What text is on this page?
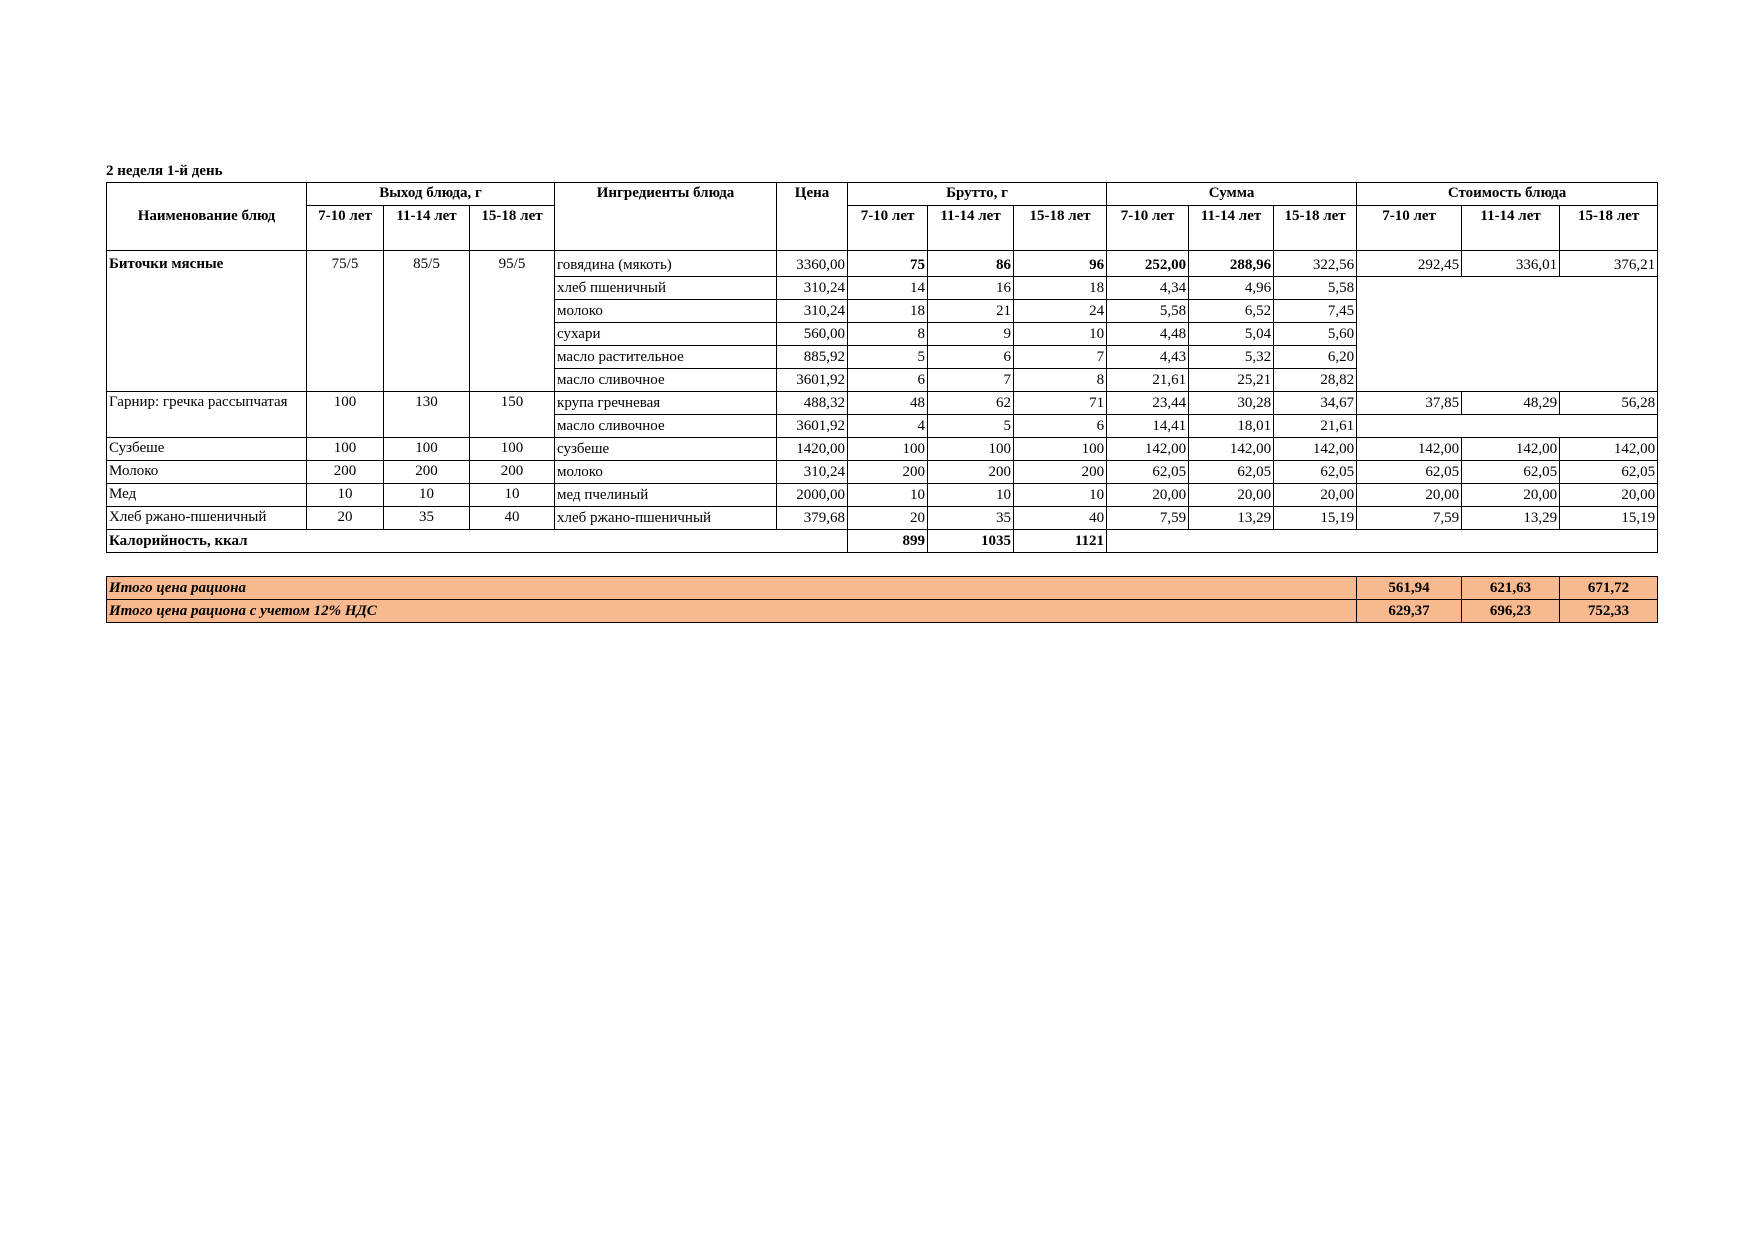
2 неделя 1-й день
Наименование блюд	Выход блюда, г			Ингредиенты блюда	Цена	Брутто, г			Сумма			Стоимость блюда		
	7-10 лет	11-14 лет	15-18 лет			7-10 лет	11-14 лет	15-18 лет	7-10 лет	11-14 лет	15-18 лет	7-10 лет	11-14 лет	15-18 лет

Биточки мясные	75/5	85/5	95/5	говядина (мякоть)	3360,00	75	86	96	252,00	288,96	322,56	292,45	336,01	376,21
				хлеб пшеничный	310,24	14	16	18	4,34	4,96	5,58			
				молоко	310,24	18	21	24	5,58	6,52	7,45			
				сухари	560,00	8	9	10	4,48	5,04	5,60			
				масло растительное	885,92	5	6	7	4,43	5,32	6,20			
				масло сливочное	3601,92	6	7	8	21,61	25,21	28,82			
Гарнир: гречка рассыпчатая	100	130	150	крупа гречневая	488,32	48	62	71	23,44	30,28	34,67	37,85	48,29	56,28
				масло сливочное	3601,92	4	5	6	14,41	18,01	21,61			
Сузбеше	100	100	100	сузбеше	1420,00	100	100	100	142,00	142,00	142,00	142,00	142,00	142,00
Молоко	200	200	200	молоко	310,24	200	200	200	62,05	62,05	62,05	62,05	62,05	62,05
Мед	10	10	10	мед пчелиный	2000,00	10	10	10	20,00	20,00	20,00	20,00	20,00	20,00
Хлеб ржано-пшеничный	20	35	40	хлеб ржано-пшеничный	379,68	20	35	40	7,59	13,29	15,19	7,59	13,29	15,19
Калорийность, ккал						899	1035	1121						
Итого цена рациона	561,94	621,63	671,72
Итого цена рациона с учетом 12% НДС	629,37	696,23	752,33
